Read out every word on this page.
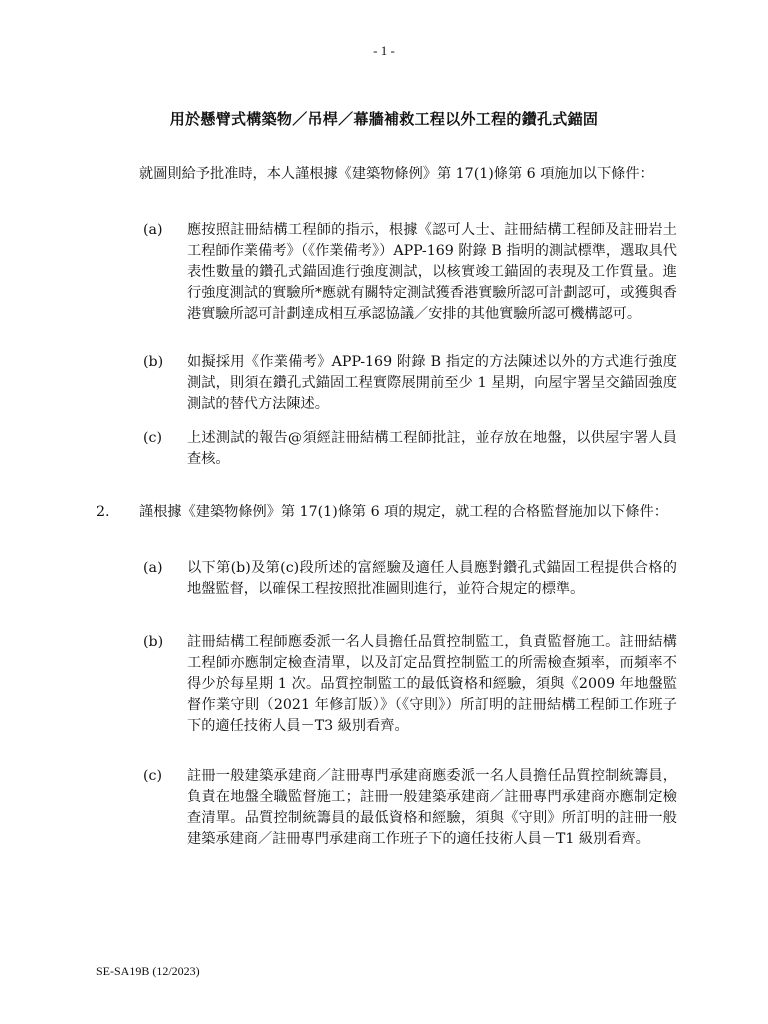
- 1 -
用於懸臂式構築物／吊桿／幕牆補救工程以外工程的鑽孔式錨固
就圖則給予批准時，本人謹根據《建築物條例》第 17(1)條第 6 項施加以下條件：
(a)	應按照註冊結構工程師的指示，根據《認可人士、註冊結構工程師及註冊岩土工程師作業備考》（《作業備考》）APP-169 附錄 B 指明的測試標準，選取具代表性數量的鑽孔式錨固進行強度測試，以核實竣工錨固的表現及工作質量。進行強度測試的實驗所*應就有關特定測試獲香港實驗所認可計劃認可，或獲與香港實驗所認可計劃達成相互承認協議／安排的其他實驗所認可機構認可。
(b)	如擬採用《作業備考》APP-169 附錄 B 指定的方法陳述以外的方式進行強度測試，則須在鑽孔式錨固工程實際展開前至少 1 星期，向屋宇署呈交錨固強度測試的替代方法陳述。
(c)	上述測試的報告@須經註冊結構工程師批註，並存放在地盤，以供屋宇署人員查核。
2. 謹根據《建築物條例》第 17(1)條第 6 項的規定，就工程的合格監督施加以下條件：
(a)	以下第(b)及第(c)段所述的富經驗及適任人員應對鑽孔式錨固工程提供合格的地盤監督，以確保工程按照批准圖則進行，並符合規定的標準。
(b)	註冊結構工程師應委派一名人員擔任品質控制監工，負責監督施工。註冊結構工程師亦應制定檢查清單，以及訂定品質控制監工的所需檢查頻率，而頻率不得少於每星期 1 次。品質控制監工的最低資格和經驗，須與《2009 年地盤監督作業守則（2021 年修訂版）》（《守則》）所訂明的註冊結構工程師工作班子下的適任技術人員－T3 級別看齊。
(c)	註冊一般建築承建商／註冊專門承建商應委派一名人員擔任品質控制統籌員，負責在地盤全職監督施工；註冊一般建築承建商／註冊專門承建商亦應制定檢查清單。品質控制統籌員的最低資格和經驗，須與《守則》所訂明的註冊一般建築承建商／註冊專門承建商工作班子下的適任技術人員－T1 級別看齊。
SE-SA19B (12/2023)
